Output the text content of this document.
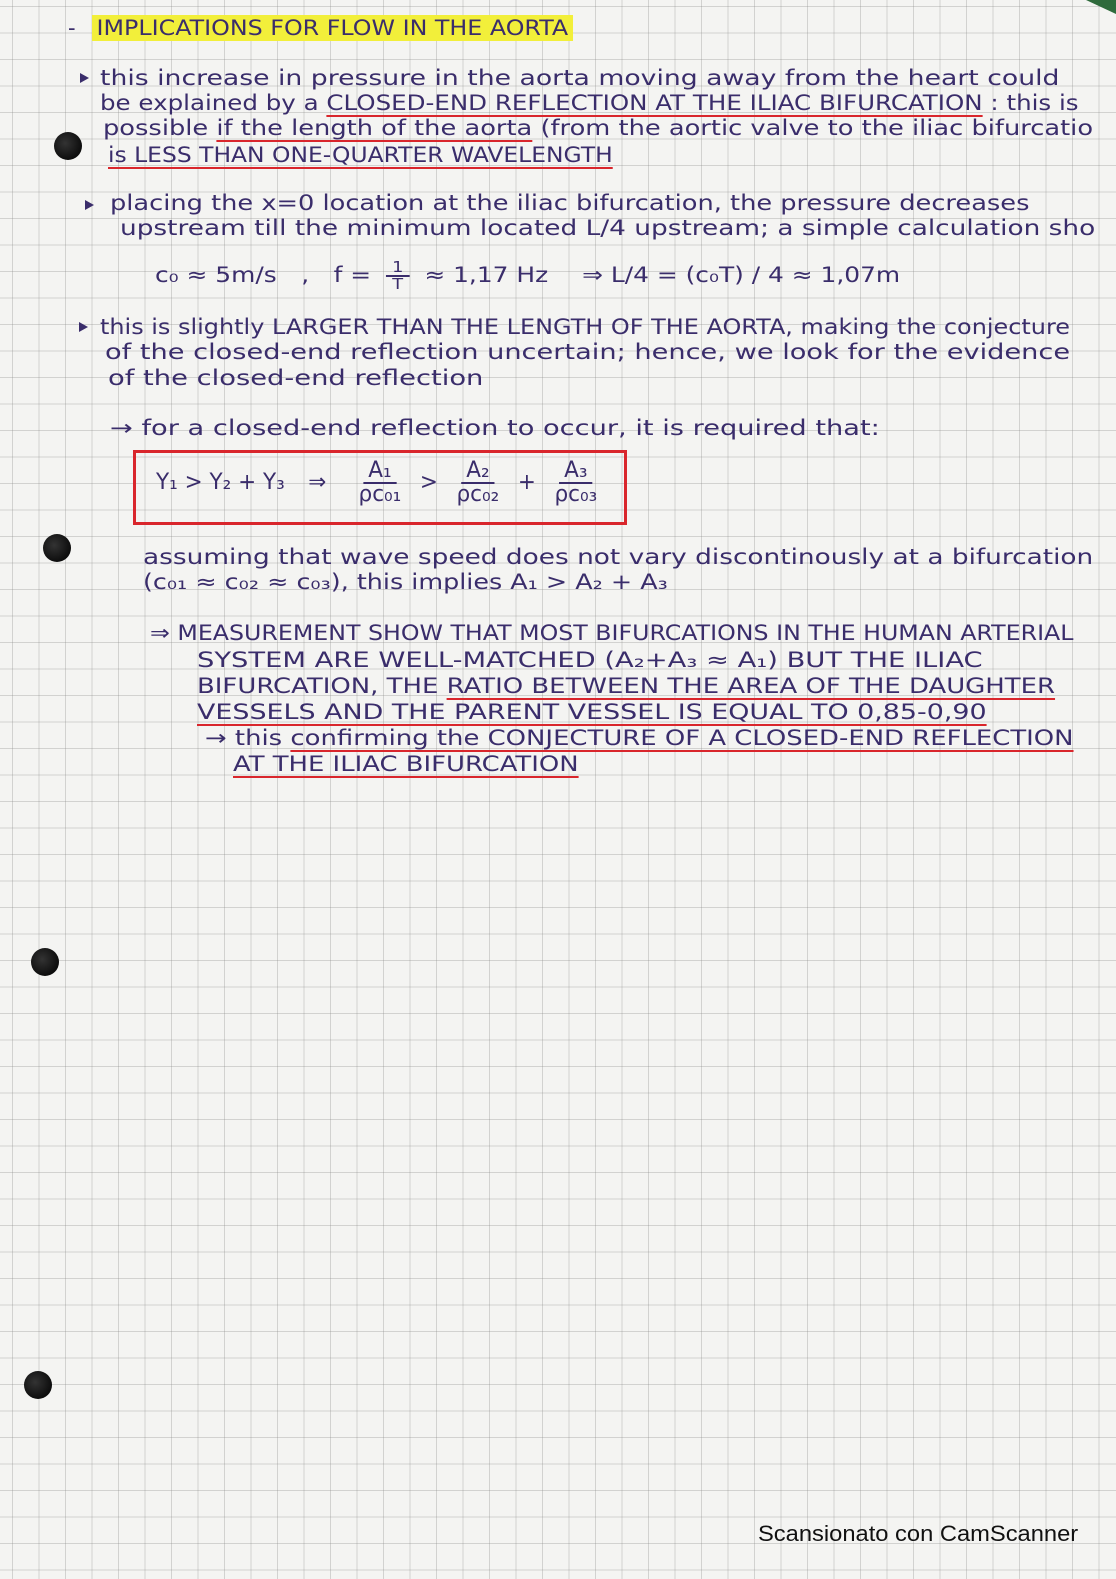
- IMPLICATIONS FOR FLOW IN THE AORTA
this increase in pressure in the aorta moving away from the heart could
be explained by a CLOSED-END REFLECTION AT THE ILIAC BIFURCATION : this is
possible if the length of the aorta (from the aortic valve to the iliac bifurcatio
is LESS THAN ONE-QUARTER WAVELENGTH
placing the x=0 location at the iliac bifurcation, the pressure decreases
upstream till the minimum located L/4 upstream; a simple calculation sho
c₀ ≈ 5m/s , $f = \frac{1}{T} \approx 1,17$ Hz ⇒ L/4 = (c₀T) / 4 ≈ 1,07m
this is slightly LARGER THAN THE LENGTH OF THE AORTA, making the conjecture
of the closed-end reflection uncertain; hence, we look for the evidence
of the closed-end reflection
→ for a closed-end reflection to occur, it is required that:
Y₁ > Y₂ + Y₃ ⇒ $\frac{\text{A₁}}{\text{ρc₀₁}} > \frac{\text{A₂}}{\text{ρc₀₂}} + \frac{\text{A₃}}{\text{ρc₀₃}}$
assuming that wave speed does not vary discontinously at a bifurcation
(c₀₁ ≈ c₀₂ ≈ c₀₃), this implies A₁ > A₂ + A₃
⇒ MEASUREMENT SHOW THAT MOST BIFURCATIONS IN THE HUMAN ARTERIAL
SYSTEM ARE WELL-MATCHED (A₂+A₃ ≈ A₁) BUT THE ILIAC
BIFURCATION, THE RATIO BETWEEN THE AREA OF THE DAUGHTER
VESSELS AND THE PARENT VESSEL IS EQUAL TO 0,85-0,90
→ this confirming the CONJECTURE OF A CLOSED-END REFLECTION
AT THE ILIAC BIFURCATION
Scansionato con CamScanner
